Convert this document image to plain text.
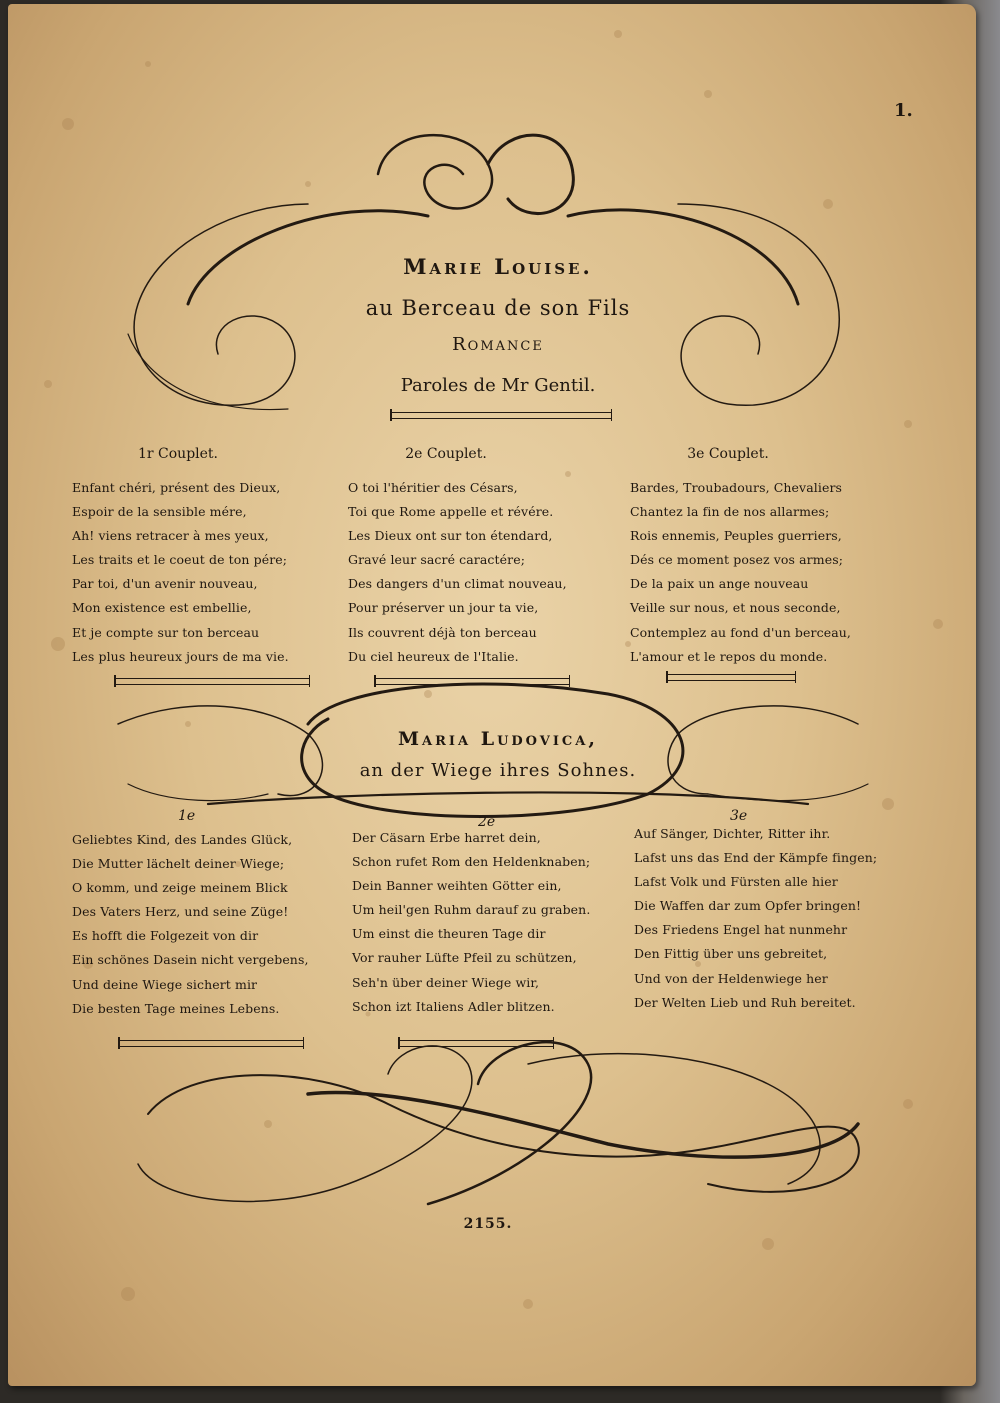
1.
Marie Louise.
au Berceau de son Fils
Romance
Paroles de Mr Gentil.
1r Couplet.	2e Couplet.	3e Couplet.
Enfant chéri, présent des Dieux,
Espoir de la sensible mére,
Ah! viens retracer à mes yeux,
Les traits et le coeut de ton pére;
Par toi, d'un avenir nouveau,
Mon existence est embellie,
Et je compte sur ton berceau
Les plus heureux jours de ma vie.
O toi l'héritier des Césars,
Toi que Rome appelle et révére.
Les Dieux ont sur ton étendard,
Gravé leur sacré caractére;
Des dangers d'un climat nouveau,
Pour préserver un jour ta vie,
Ils couvrent déjà ton berceau
Du ciel heureux de l'Italie.
Bardes, Troubadours, Chevaliers
Chantez la fin de nos allarmes;
Rois ennemis, Peuples guerriers,
Dés ce moment posez vos armes;
De la paix un ange nouveau
Veille sur nous, et nous seconde,
Contemplez au fond d'un berceau,
L'amour et le repos du monde.
Maria Ludovica,
an der Wiege ihres Sohnes.
1e	2e	3e
Geliebtes Kind, des Landes Glück,
Die Mutter lächelt deiner Wiege;
O komm, und zeige meinem Blick
Des Vaters Herz, und seine Züge!
Es hofft die Folgezeit von dir
Ein schönes Dasein nicht vergebens,
Und deine Wiege sichert mir
Die besten Tage meines Lebens.
Der Cäsarn Erbe harret dein,
Schon rufet Rom den Heldenknaben;
Dein Banner weihten Götter ein,
Um heil'gen Ruhm darauf zu graben.
Um einst die theuren Tage dir
Vor rauher Lüfte Pfeil zu schützen,
Seh'n über deiner Wiege wir,
Schon izt Italiens Adler blitzen.
Auf Sänger, Dichter, Ritter ihr.
Lafst uns das End der Kämpfe fingen;
Lafst Volk und Fürsten alle hier
Die Waffen dar zum Opfer bringen!
Des Friedens Engel hat nunmehr
Den Fittig über uns gebreitet,
Und von der Heldenwiege her
Der Welten Lieb und Ruh bereitet.
2155.
